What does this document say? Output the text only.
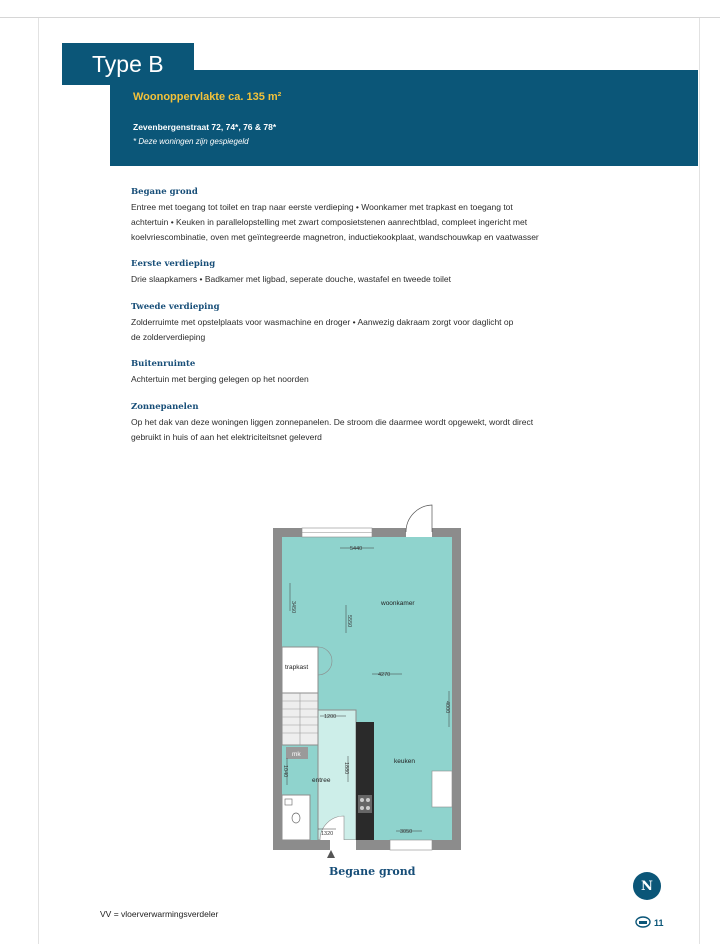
Type B
Woonoppervlakte ca. 135 m²
Zevenbergenstraat 72, 74*, 76 & 78*
* Deze woningen zijn gespiegeld
Begane grond
Entree met toegang tot toilet en trap naar eerste verdieping • Woonkamer met trapkast en toegang tot
achtertuin • Keuken in parallelopstelling met zwart composietstenen aanrechtblad, compleet ingericht met
koelvriescombinatie, oven met geïntegreerde magnetron, inductiekookplaat, wandschouwkap en vaatwasser
Eerste verdieping
Drie slaapkamers • Badkamer met ligbad, seperate douche, wastafel en tweede toilet
Tweede verdieping
Zolderruimte met opstelplaats voor wasmachine en droger • Aanwezig dakraam zorgt voor daglicht op
de zolderverdieping
Buitenruimte
Achtertuin met berging gelegen op het noorden
Zonnepanelen
Op het dak van deze woningen liggen zonnepanelen. De stroom die daarmee wordt opgewekt, wordt direct
gebruikt in huis of aan het elektriciteitsnet geleverd
5440
3450
5550
4270
4000
1200
1880
1040
1320	3050
woonkamer
trapkast
keuken
entree
mk
Begane grond
N
VV = vloerverwarmingsverdeler
11
